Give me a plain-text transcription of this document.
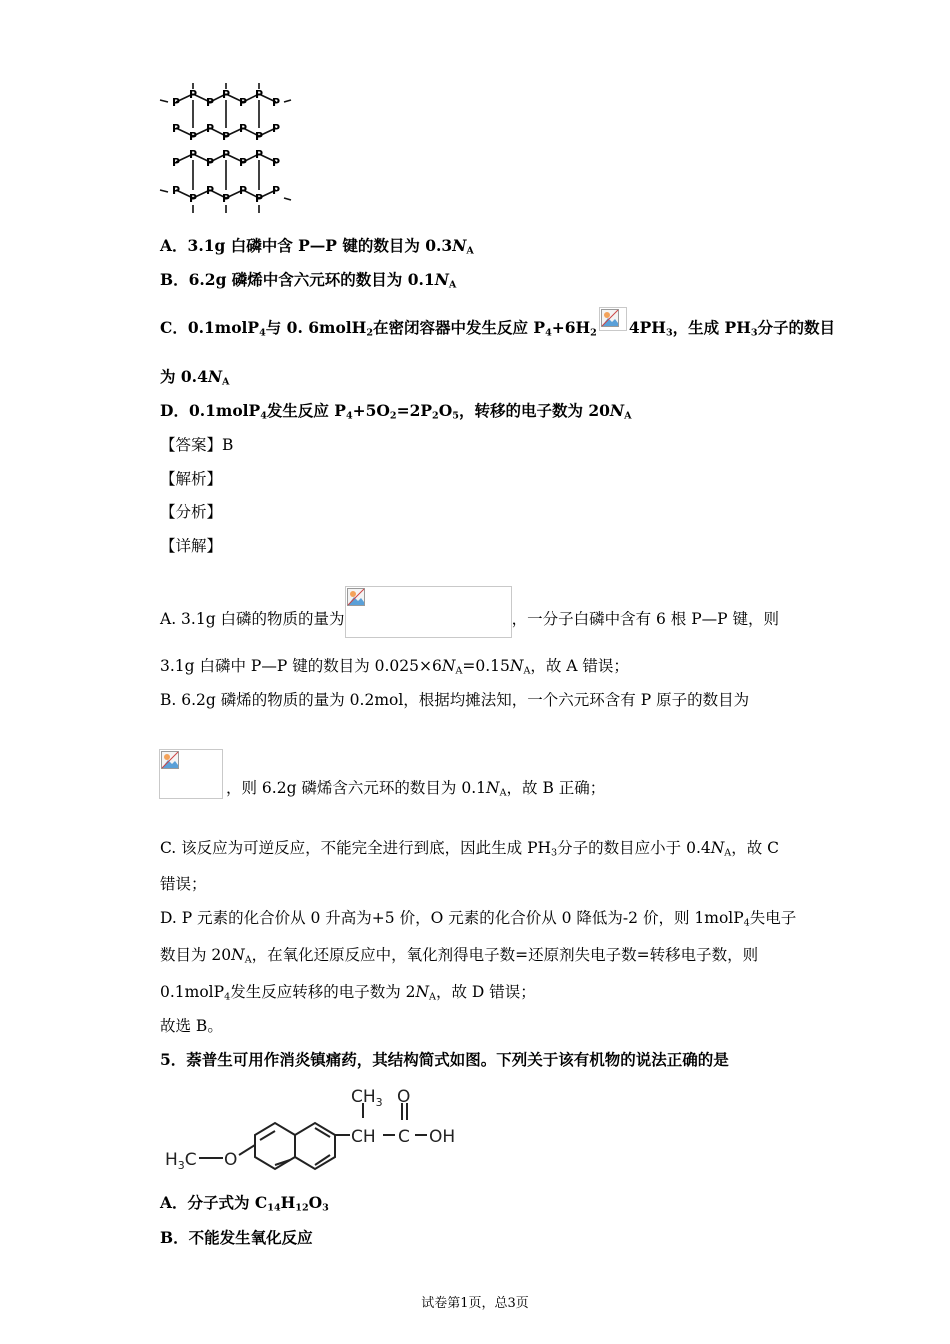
P
P
P
P
P
P
P
P
P
P
P
P
P
P
P
P
P
P
P
P
P
P
P
P
P
P
P
P
A．3.1g 白磷中含 P—P 键的数目为 $0.3N_A$
B．6.2g 磷烯中含六元环的数目为 $0.1N_A$
C．0.1molP$_4$与 0. 6molH$_2$在密闭容器中发生反应 $P_4+6H_2$ $4PH_3$，生成 $PH_3$分子的数目
为 $0.4N_A$
D．0.1molP$_4$发生反应 $P_4+5O_2=2P_2O_5$，转移的电子数为 $20N_A$
【答案】B
【解析】
【分析】
【详解】
A. 3.1g 白磷的物质的量为	，一分子白磷中含有 6 根 P—P 键，则
3.1g 白磷中 P—P 键的数目为 $0.025\times 6N_A=0.15N_A$，故 A 错误；
B. 6.2g 磷烯的物质的量为 0.2mol，根据均摊法知，一个六元环含有 P 原子的数目为
，则 6.2g 磷烯含六元环的数目为 $0.1N_A$，故 B 正确；
C. 该反应为可逆反应，不能完全进行到底，因此生成 $PH_3$分子的数目应小于 $0.4N_A$，故 C
错误；
D. P 元素的化合价从 0 升高为+5 价，O 元素的化合价从 0 降低为-2 价，则 1molP$_4$失电子
数目为 $20N_A$，在氧化还原反应中，氧化剂得电子数=还原剂失电子数=转移电子数，则
0.1molP$_4$发生反应转移的电子数为 $2N_A$，故 D 错误；
故选 B。
5．萘普生可用作消炎镇痛药，其结构简式如图。下列关于该有机物的说法正确的是
$H_3C$ O
$CH_3$ O
CH C OH
A．分子式为 $C_{14}H_{12}O_3$
B．不能发生氧化反应
试卷第1页，总3页
